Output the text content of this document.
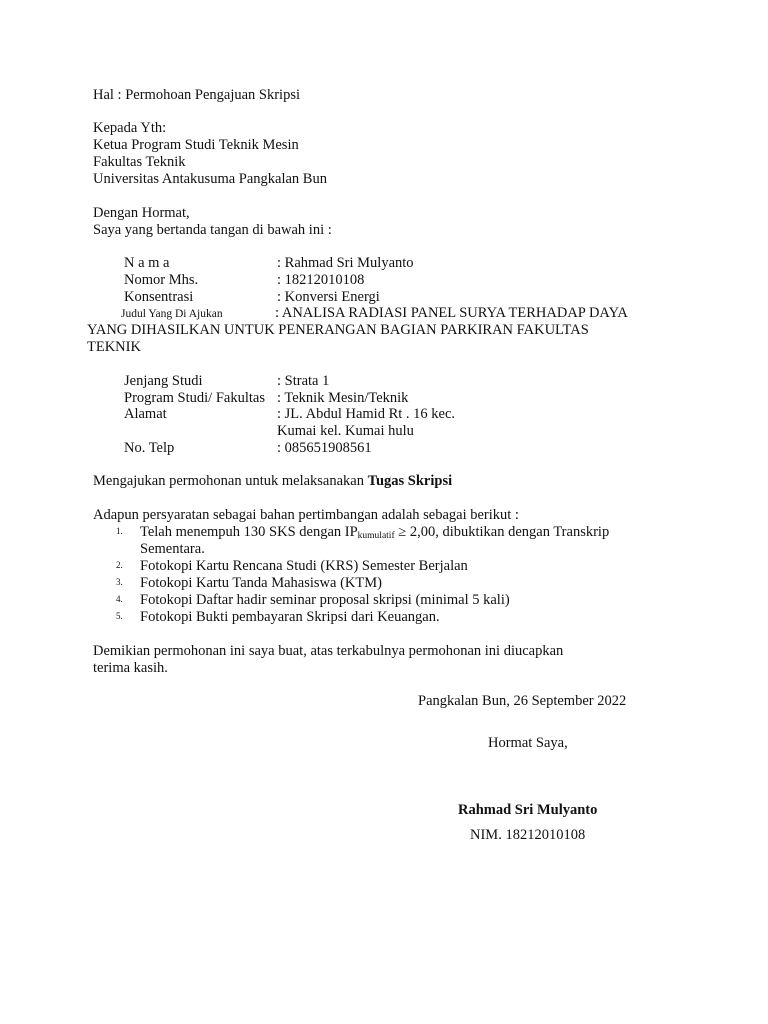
Hal : Permohoan Pengajuan Skripsi
Kepada Yth:
Ketua Program Studi Teknik Mesin
Fakultas Teknik
Universitas Antakusuma Pangkalan Bun
Dengan Hormat,
Saya yang bertanda tangan di bawah ini :
N a m a	: Rahmad Sri Mulyanto
Nomor Mhs.	: 18212010108
Konsentrasi	: Konversi Energi
Judul Yang Di Ajukan	: ANALISA RADIASI PANEL SURYA TERHADAP DAYA
YANG DIHASILKAN UNTUK PENERANGAN BAGIAN PARKIRAN FAKULTAS
TEKNIK
Jenjang Studi	: Strata 1
Program Studi/ Fakultas : Teknik Mesin/Teknik
Alamat	: JL. Abdul Hamid Rt . 16 kec.
Kumai kel. Kumai hulu
No. Telp	: 085651908561
Mengajukan permohonan untuk melaksanakan Tugas Skripsi
Adapun persyaratan sebagai bahan pertimbangan adalah sebagai berikut :
$^{1.}$ Telah menempuh 130 SKS dengan $IP_{kumulatif} \ge 2,00$, dibuktikan dengan Transkrip
Sementara.
$^{2.}$ Fotokopi Kartu Rencana Studi (KRS) Semester Berjalan
$^{3.}$ Fotokopi Kartu Tanda Mahasiswa (KTM)
$^{4.}$ Fotokopi Daftar hadir seminar proposal skripsi (minimal 5 kali)
$^{5.}$ Fotokopi Bukti pembayaran Skripsi dari Keuangan.
Demikian permohonan ini saya buat, atas terkabulnya permohonan ini diucapkan
terima kasih.
Pangkalan Bun, 26 September 2022
Hormat Saya,
Rahmad Sri Mulyanto
NIM. 18212010108
